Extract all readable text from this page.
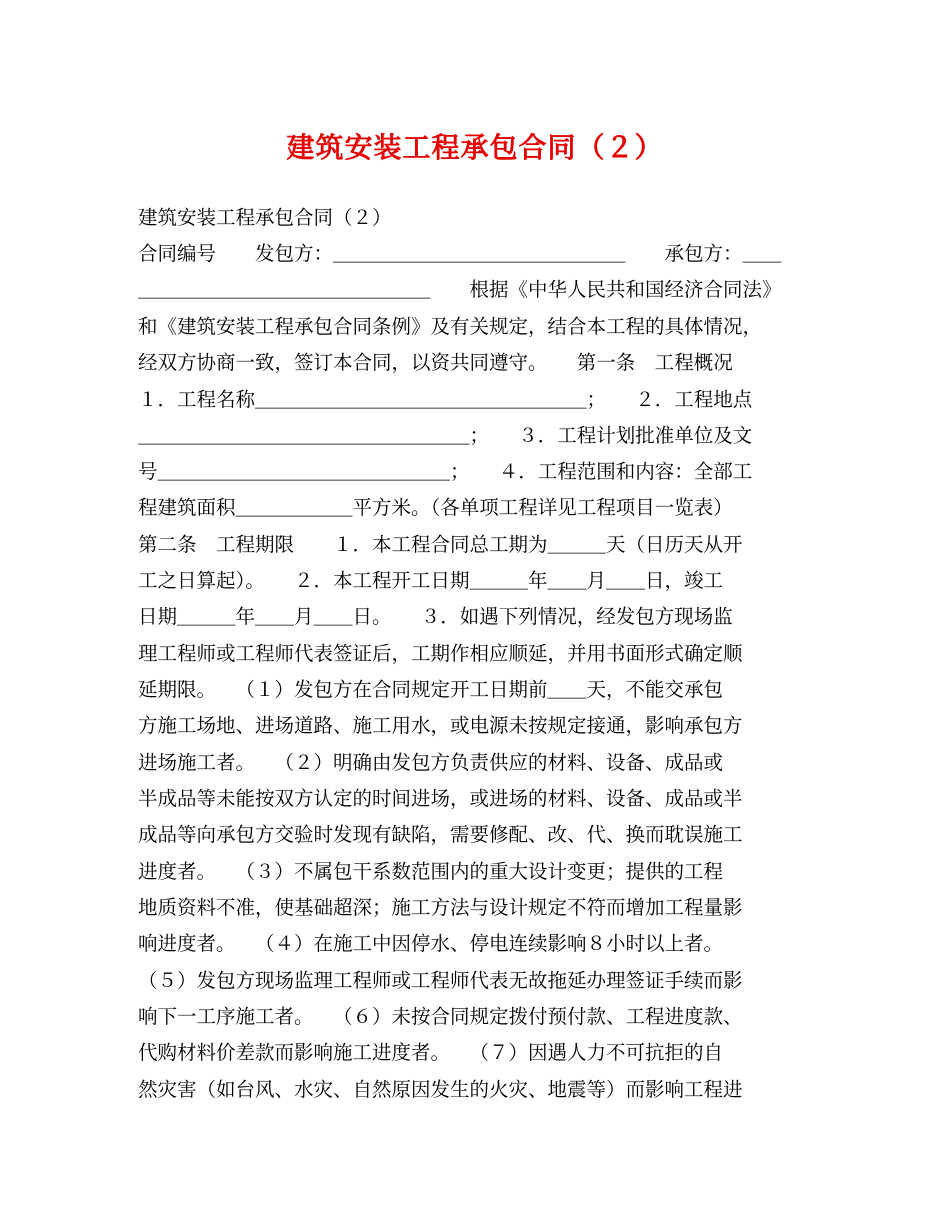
建筑安装工程承包合同（２）
建筑安装工程承包合同（２）
合同编号　　发包方：＿＿＿＿＿＿＿＿＿＿＿＿＿＿＿　　承包方：＿＿
＿＿＿＿＿＿＿＿＿＿＿＿＿＿＿　　根据《中华人民共和国经济合同法》
和《建筑安装工程承包合同条例》及有关规定，结合本工程的具体情况，
经双方协商一致，签订本合同，以资共同遵守。　　第一条　工程概况
１．工程名称＿＿＿＿＿＿＿＿＿＿＿＿＿＿＿＿＿；　　２．工程地点
＿＿＿＿＿＿＿＿＿＿＿＿＿＿＿＿＿；　　３．工程计划批准单位及文
号＿＿＿＿＿＿＿＿＿＿＿＿＿＿＿；　　４．工程范围和内容：全部工
程建筑面积＿＿＿＿＿＿平方米。（各单项工程详见工程项目一览表）
第二条　工程期限　　１．本工程合同总工期为＿＿＿天（日历天从开
工之日算起）。　　２．本工程开工日期＿＿＿年＿＿月＿＿日，竣工
日期＿＿＿年＿＿月＿＿日。　　３．如遇下列情况，经发包方现场监
理工程师或工程师代表签证后，工期作相应顺延，并用书面形式确定顺
延期限。　　（１）发包方在合同规定开工日期前＿＿天，不能交承包
方施工场地、进场道路、施工用水，或电源未按规定接通，影响承包方
进场施工者。　　（２）明确由发包方负责供应的材料、设备、成品或
半成品等未能按双方认定的时间进场，或进场的材料、设备、成品或半
成品等向承包方交验时发现有缺陷，需要修配、改、代、换而耽误施工
进度者。　　（３）不属包干系数范围内的重大设计变更；提供的工程
地质资料不准，使基础超深；施工方法与设计规定不符而增加工程量影
响进度者。　　（４）在施工中因停水、停电连续影响８小时以上者。
（５）发包方现场监理工程师或工程师代表无故拖延办理签证手续而影
响下一工序施工者。　　（６）未按合同规定拨付预付款、工程进度款、
代购材料价差款而影响施工进度者。　　（７）因遇人力不可抗拒的自
然灾害（如台风、水灾、自然原因发生的火灾、地震等）而影响工程进
